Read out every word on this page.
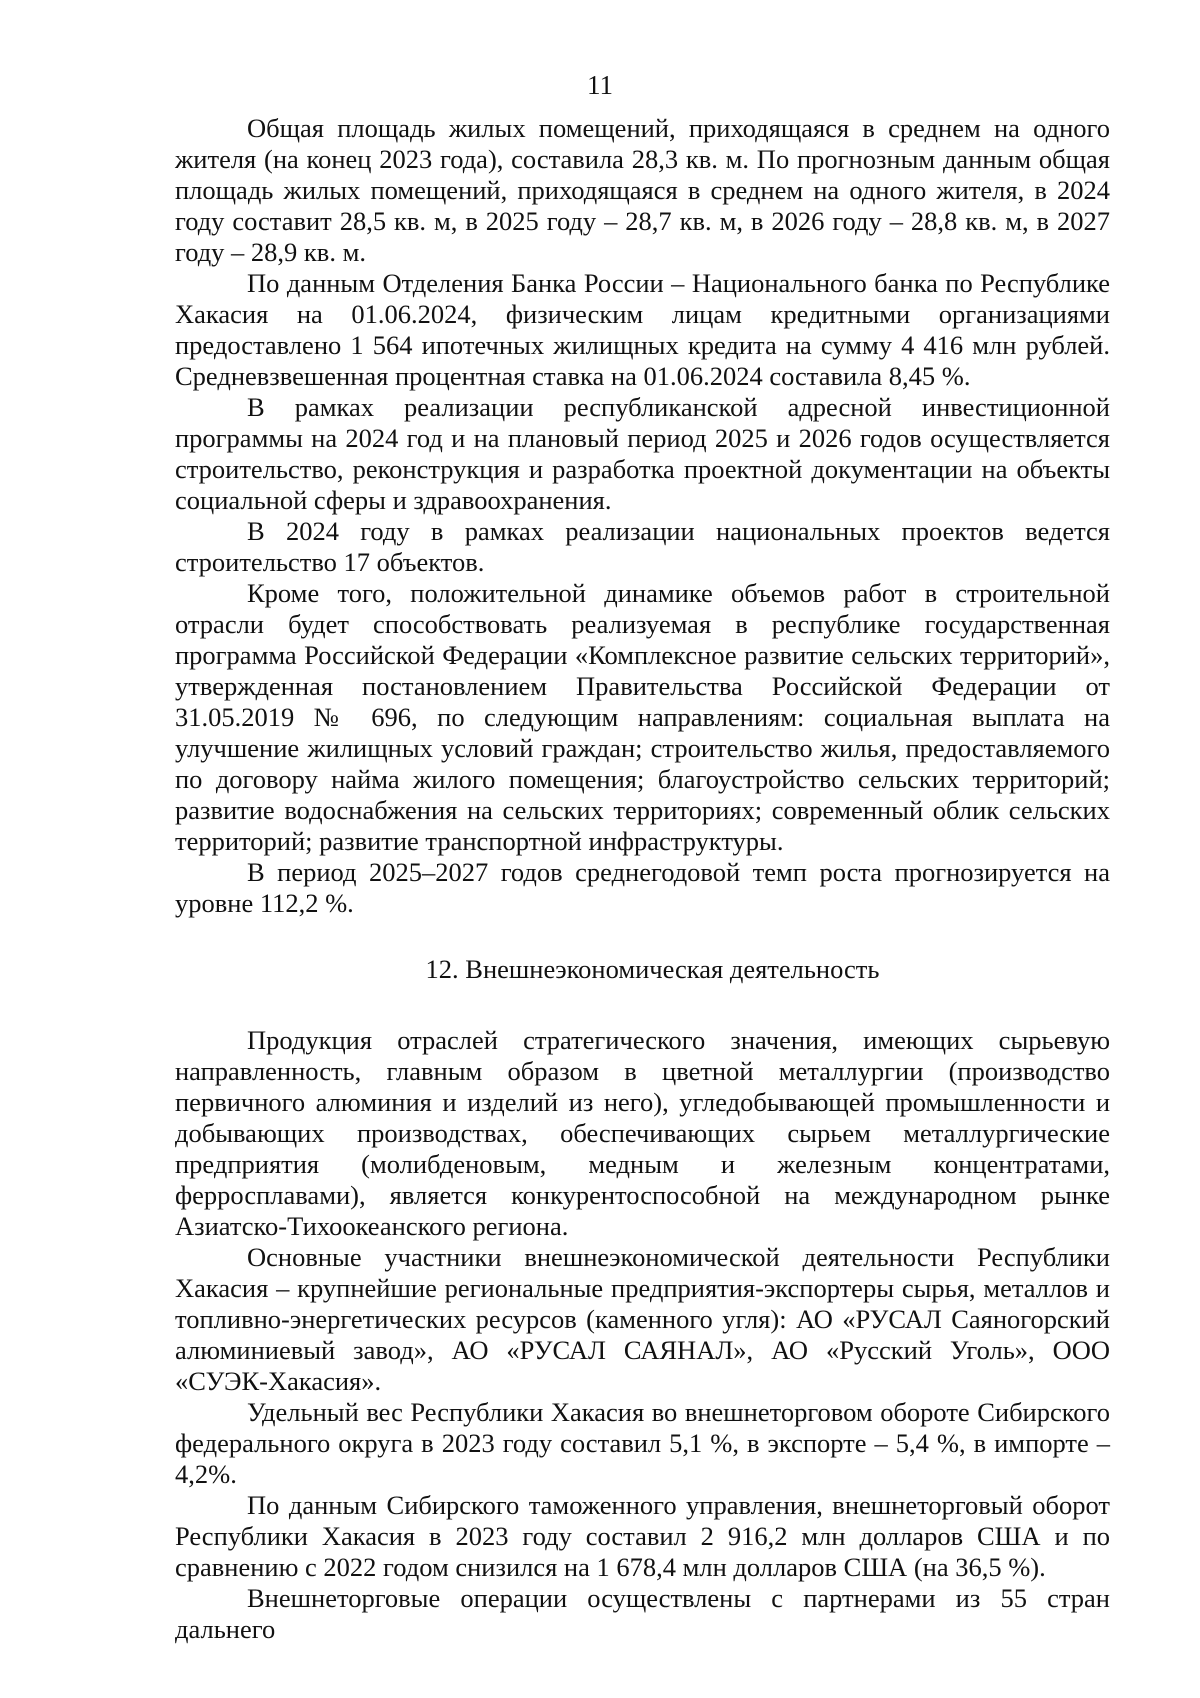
11

Общая площадь жилых помещений, приходящаяся в среднем на одного жителя (на конец 2023 года), составила 28,3 кв. м. По прогнозным данным общая площадь жилых помещений, приходящаяся в среднем на одного жителя, в 2024 году составит 28,5 кв. м, в 2025 году – 28,7 кв. м, в 2026 году – 28,8 кв. м, в 2027 году – 28,9 кв. м.

По данным Отделения Банка России – Национального банка по Республике Хакасия на 01.06.2024, физическим лицам кредитными организациями предоставлено 1 564 ипотечных жилищных кредита на сумму 4 416 млн рублей. Средневзвешенная процентная ставка на 01.06.2024 составила 8,45 %.

В рамках реализации республиканской адресной инвестиционной программы на 2024 год и на плановый период 2025 и 2026 годов осуществляется строительство, реконструкция и разработка проектной документации на объекты социальной сферы и здравоохранения.

В 2024 году в рамках реализации национальных проектов ведется строительство 17 объектов.

Кроме того, положительной динамике объемов работ в строительной отрасли будет способствовать реализуемая в республике государственная программа Российской Федерации «Комплексное развитие сельских территорий», утвержденная постановлением Правительства Российской Федерации от 31.05.2019 № 696, по следующим направлениям: социальная выплата на улучшение жилищных условий граждан; строительство жилья, предоставляемого по договору найма жилого помещения; благоустройство сельских территорий; развитие водоснабжения на сельских территориях; современный облик сельских территорий; развитие транспортной инфраструктуры.

В период 2025–2027 годов среднегодовой темп роста прогнозируется на уровне 112,2 %.

12. Внешнеэкономическая деятельность

Продукция отраслей стратегического значения, имеющих сырьевую направленность, главным образом в цветной металлургии (производство первичного алюминия и изделий из него), угледобывающей промышленности и добывающих производствах, обеспечивающих сырьем металлургические предприятия (молибденовым, медным и железным концентратами, ферросплавами), является конкурентоспособной на международном рынке Азиатско-Тихоокеанского региона.

Основные участники внешнеэкономической деятельности Республики Хакасия – крупнейшие региональные предприятия-экспортеры сырья, металлов и топливно-энергетических ресурсов (каменного угля): АО «РУСАЛ Саяногорский алюминиевый завод», АО «РУСАЛ САЯНАЛ», АО «Русский Уголь», ООО «СУЭК-Хакасия».

Удельный вес Республики Хакасия во внешнеторговом обороте Сибирского федерального округа в 2023 году составил 5,1 %, в экспорте – 5,4 %, в импорте – 4,2%.

По данным Сибирского таможенного управления, внешнеторговый оборот Республики Хакасия в 2023 году составил 2 916,2 млн долларов США и по сравнению с 2022 годом снизился на 1 678,4 млн долларов США (на 36,5 %).

Внешнеторговые операции осуществлены с партнерами из 55 стран дальнего
